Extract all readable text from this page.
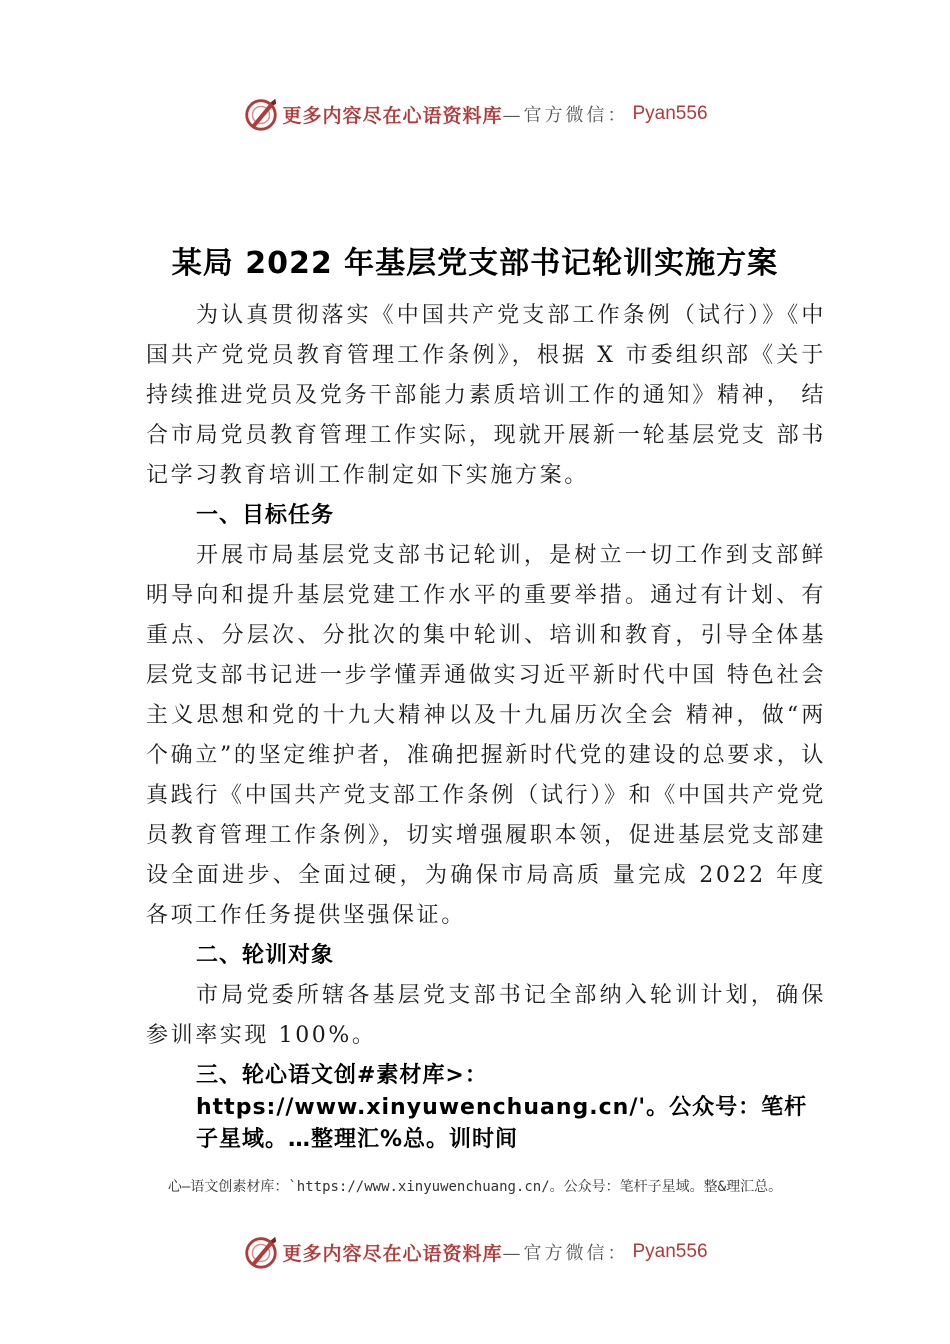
更多内容尽在心语资料库 —官方微信： Pyan556
某局 2022 年基层党支部书记轮训实施方案

为认真贯彻落实《中国共产党支部工作条例（试行）》《中国共产党党员教育管理工作条例》，根据 X 市委组织部《关于持续推进党员及党务干部能力素质培训工作的通知》精神， 结合市局党员教育管理工作实际，现就开展新一轮基层党支 部书记学习教育培训工作制定如下实施方案。

一、目标任务

开展市局基层党支部书记轮训，是树立一切工作到支部鲜明导向和提升基层党建工作水平的重要举措。通过有计划、有重点、分层次、分批次的集中轮训、培训和教育，引导全体基层党支部书记进一步学懂弄通做实习近平新时代中国 特色社会主义思想和党的十九大精神以及十九届历次全会 精神，做“两个确立”的坚定维护者，准确把握新时代党的建设的总要求，认真践行《中国共产党支部工作条例（试行）》和《中国共产党党员教育管理工作条例》，切实增强履职本领，促进基层党支部建设全面进步、全面过硬，为确保市局高质 量完成 2022 年度各项工作任务提供坚强保证。

二、轮训对象

市局党委所辖各基层党支部书记全部纳入轮训计划，确保参训率实现 100%。

三、轮心语文创#素材库>：https://www.xinyuwenchuang.cn/'。公众号：笔杆子星域。…整理汇%总。训时间

心—语文创素材库：`https://www.xinyuwenchuang.cn/。公众号：笔杆子星域。整&理汇总。
更多内容尽在心语资料库 —官方微信： Pyan556
